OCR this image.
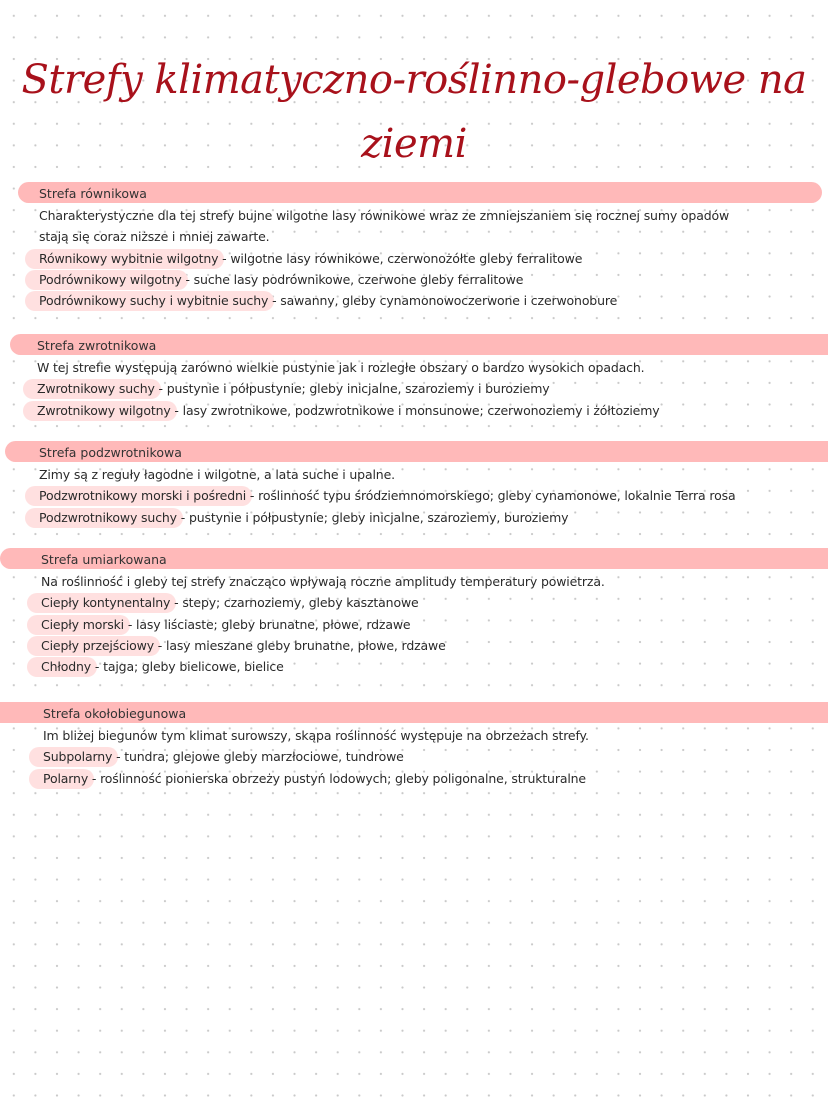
Strefy klimatyczno-roślinno-glebowe na
ziemi
Strefa równikowa
Charakterystyczne dla tej strefy bujne wilgotne lasy równikowe wraz ze zmniejszaniem się rocznej sumy opadów
stają się coraz niższe i mniej zawarte.
Równikowy wybitnie wilgotny - wilgotne lasy równikowe, czerwonożółte gleby ferralitowe
Podrównikowy wilgotny - suche lasy podrównikowe, czerwone gleby ferralitowe
Podrównikowy suchy i wybitnie suchy - sawanny, gleby cynamonowoczerwone i czerwonobure
Strefa zwrotnikowa
W tej strefie występują zarówno wielkie pustynie jak i rozległe obszary o bardzo wysokich opadach.
Zwrotnikowy suchy - pustynie i półpustynie; gleby inicjalne, szaroziemy i buroziemy
Zwrotnikowy wilgotny - lasy zwrotnikowe, podzwrotnikowe i monsunowe; czerwonoziemy i żółtoziemy
Strefa podzwrotnikowa
Zimy są z reguły łagodne i wilgotne, a lata suche i upalne.
Podzwrotnikowy morski i pośredni - roślinność typu śródziemnomorskiego; gleby cynamonowe, lokalnie Terra rosa
Podzwrotnikowy suchy - pustynie i półpustynie; gleby inicjalne, szaroziemy, buroziemy
Strefa umiarkowana
Na roślinność i gleby tej strefy znacząco wpływają roczne amplitudy temperatury powietrza.
Ciepły kontynentalny - stepy; czarnoziemy, gleby kasztanowe
Ciepły morski - lasy liściaste; gleby brunatne, płowe, rdzawe
Ciepły przejściowy - lasy mieszane gleby brunatne, płowe, rdzawe
Chłodny - tajga; gleby bielicowe, bielice
Strefa okołobiegunowa
Im bliżej biegunów tym klimat surowszy, skąpa roślinność występuje na obrzeżach strefy.
Subpolarny - tundra; glejowe gleby marzłociowe, tundrowe
Polarny - roślinność pionierska obrzeży pustyń lodowych; gleby poligonalne, strukturalne
